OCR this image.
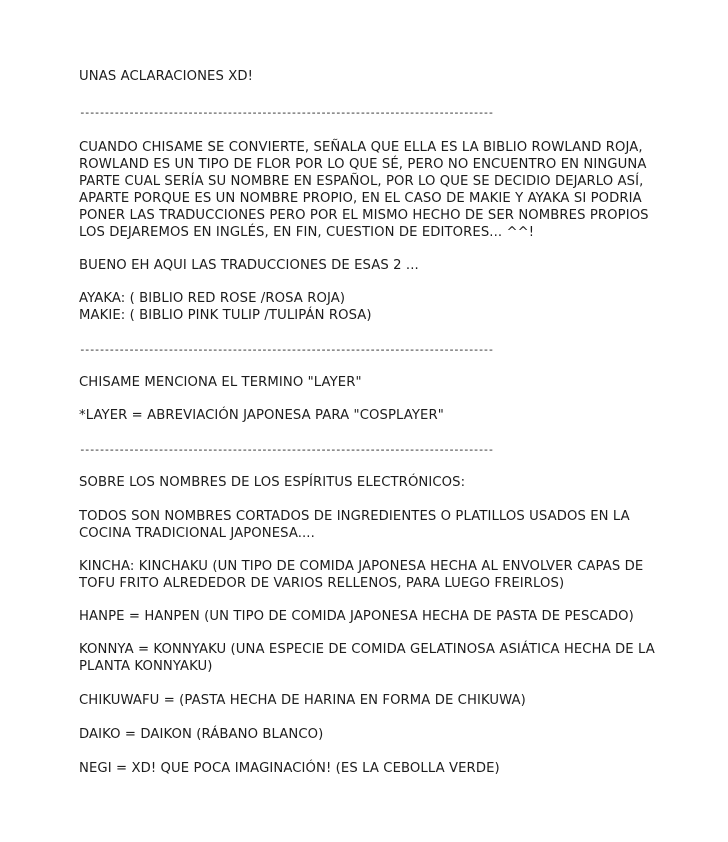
UNAS ACLARACIONES XD!

------------------------------------------------------------------------------------

CUANDO CHISAME SE CONVIERTE, SEÑALA QUE ELLA ES LA BIBLIO ROWLAND ROJA,

ROWLAND ES UN TIPO DE FLOR POR LO QUE SÉ, PERO NO ENCUENTRO EN NINGUNA

PARTE CUAL SERÍA SU NOMBRE EN ESPAÑOL, POR LO QUE SE DECIDIO DEJARLO ASÍ,

APARTE PORQUE ES UN NOMBRE PROPIO, EN EL CASO DE MAKIE Y AYAKA SI PODRIA

PONER LAS TRADUCCIONES PERO POR EL MISMO HECHO DE SER NOMBRES PROPIOS

LOS DEJAREMOS EN INGLÉS, EN FIN, CUESTION DE EDITORES... ^^!

BUENO EH AQUI LAS TRADUCCIONES DE ESAS 2 ...

AYAKA: ( BIBLIO RED ROSE /ROSA ROJA)

MAKIE: ( BIBLIO PINK TULIP /TULIPÁN ROSA)

------------------------------------------------------------------------------------

CHISAME MENCIONA EL TERMINO "LAYER"

*LAYER = ABREVIACIÓN JAPONESA PARA "COSPLAYER"

------------------------------------------------------------------------------------

SOBRE LOS NOMBRES DE LOS ESPÍRITUS ELECTRÓNICOS:

TODOS SON NOMBRES CORTADOS DE INGREDIENTES O PLATILLOS USADOS EN LA

COCINA TRADICIONAL JAPONESA....

KINCHA: KINCHAKU (UN TIPO DE COMIDA JAPONESA HECHA AL ENVOLVER CAPAS DE

TOFU FRITO ALREDEDOR DE VARIOS RELLENOS, PARA LUEGO FREIRLOS)

HANPE = HANPEN (UN TIPO DE COMIDA JAPONESA HECHA DE PASTA DE PESCADO)

KONNYA = KONNYAKU (UNA ESPECIE DE COMIDA GELATINOSA ASIÁTICA HECHA DE LA

PLANTA KONNYAKU)

CHIKUWAFU = (PASTA HECHA DE HARINA EN FORMA DE CHIKUWA)

DAIKO = DAIKON (RÁBANO BLANCO)

NEGI = XD! QUE POCA IMAGINACIÓN! (ES LA CEBOLLA VERDE)
